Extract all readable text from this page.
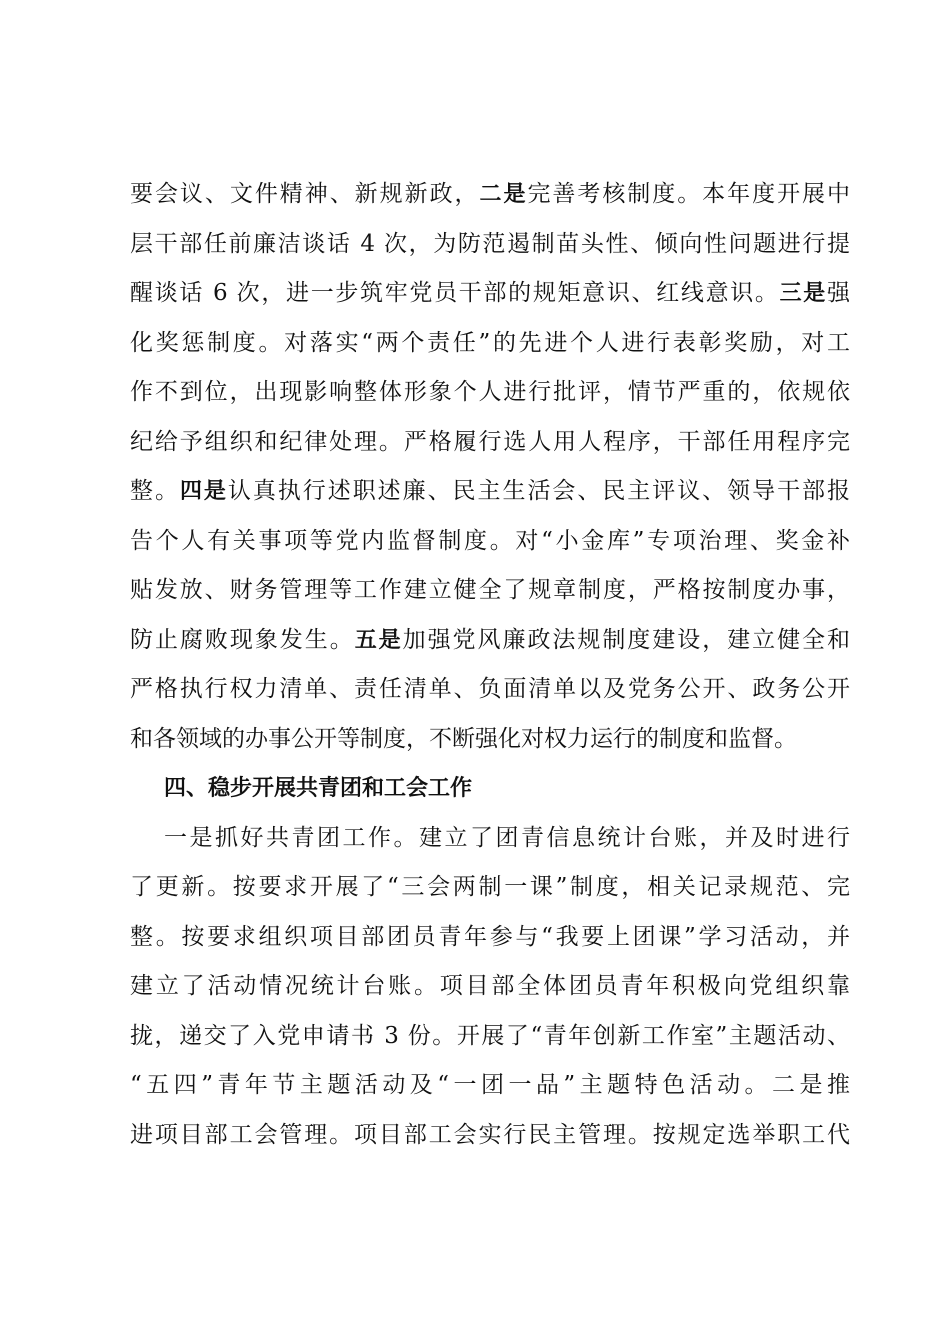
要会议、文件精神、新规新政，二是完善考核制度。本年度开展中
层干部任前廉洁谈话 4 次，为防范遏制苗头性、倾向性问题进行提
醒谈话 6 次，进一步筑牢党员干部的规矩意识、红线意识。三是强
化奖惩制度。对落实“两个责任”的先进个人进行表彰奖励，对工
作不到位，出现影响整体形象个人进行批评，情节严重的，依规依
纪给予组织和纪律处理。严格履行选人用人程序，干部任用程序完
整。四是认真执行述职述廉、民主生活会、民主评议、领导干部报
告个人有关事项等党内监督制度。对“小金库”专项治理、奖金补
贴发放、财务管理等工作建立健全了规章制度，严格按制度办事，
防止腐败现象发生。五是加强党风廉政法规制度建设，建立健全和
严格执行权力清单、责任清单、负面清单以及党务公开、政务公开
和各领域的办事公开等制度，不断强化对权力运行的制度和监督。
四、稳步开展共青团和工会工作
一是抓好共青团工作。建立了团青信息统计台账，并及时进行
了更新。按要求开展了“三会两制一课”制度，相关记录规范、完
整。按要求组织项目部团员青年参与“我要上团课”学习活动，并
建立了活动情况统计台账。项目部全体团员青年积极向党组织靠
拢，递交了入党申请书 3 份。开展了“青年创新工作室”主题活动、
“五四”青年节主题活动及“一团一品”主题特色活动。二是推
进项目部工会管理。项目部工会实行民主管理。按规定选举职工代
